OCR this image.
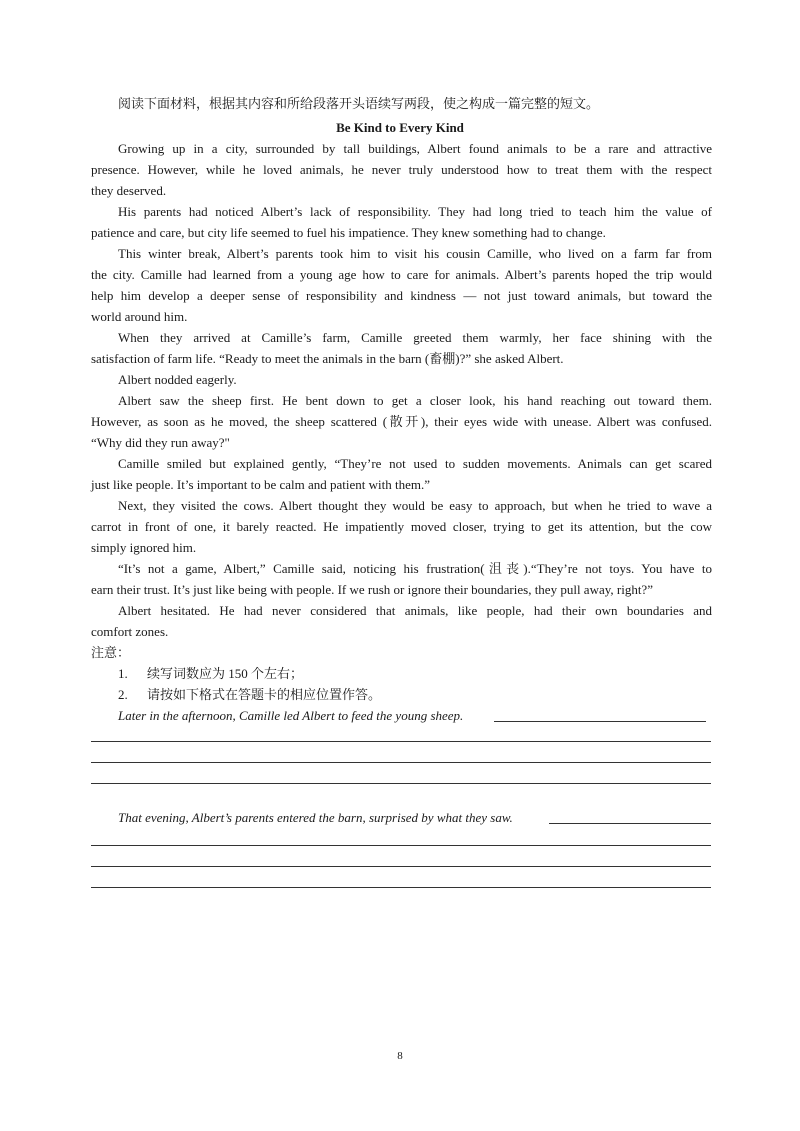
阅读下面材料，根据其内容和所给段落开头语续写两段，使之构成一篇完整的短文。
Be Kind to Every Kind
Growing up in a city, surrounded by tall buildings, Albert found animals to be a rare and attractive
presence. However, while he loved animals, he never truly understood how to treat them with the respect
they deserved.
His parents had noticed Albert’s lack of responsibility. They had long tried to teach him the value of
patience and care, but city life seemed to fuel his impatience. They knew something had to change.
This winter break, Albert’s parents took him to visit his cousin Camille, who lived on a farm far from
the city. Camille had learned from a young age how to care for animals. Albert’s parents hoped the trip would
help him develop a deeper sense of responsibility and kindness — not just toward animals, but toward the
world around him.
When they arrived at Camille’s farm, Camille greeted them warmly, her face shining with the
satisfaction of farm life. “Ready to meet the animals in the barn (畜棚)?” she asked Albert.
Albert nodded eagerly.
Albert saw the sheep first. He bent down to get a closer look, his hand reaching out toward them.
However, as soon as he moved, the sheep scattered (散开), their eyes wide with unease. Albert was confused.
“Why did they run away?"
Camille smiled but explained gently, “They’re not used to sudden movements. Animals can get scared
just like people. It’s important to be calm and patient with them.”
Next, they visited the cows. Albert thought they would be easy to approach, but when he tried to wave a
carrot in front of one, it barely reacted. He impatiently moved closer, trying to get its attention, but the cow
simply ignored him.
“It’s not a game, Albert,” Camille said, noticing his frustration(沮丧).“They’re not toys. You have to
earn their trust. It’s just like being with people. If we rush or ignore their boundaries, they pull away, right?”
Albert hesitated. He had never considered that animals, like people, had their own boundaries and
comfort zones.
注意：
1. 续写词数应为 150 个左右；
2. 请按如下格式在答题卡的相应位置作答。
Later in the afternoon, Camille led Albert to feed the young sheep.
That evening, Albert’s parents entered the barn, surprised by what they saw.
8
